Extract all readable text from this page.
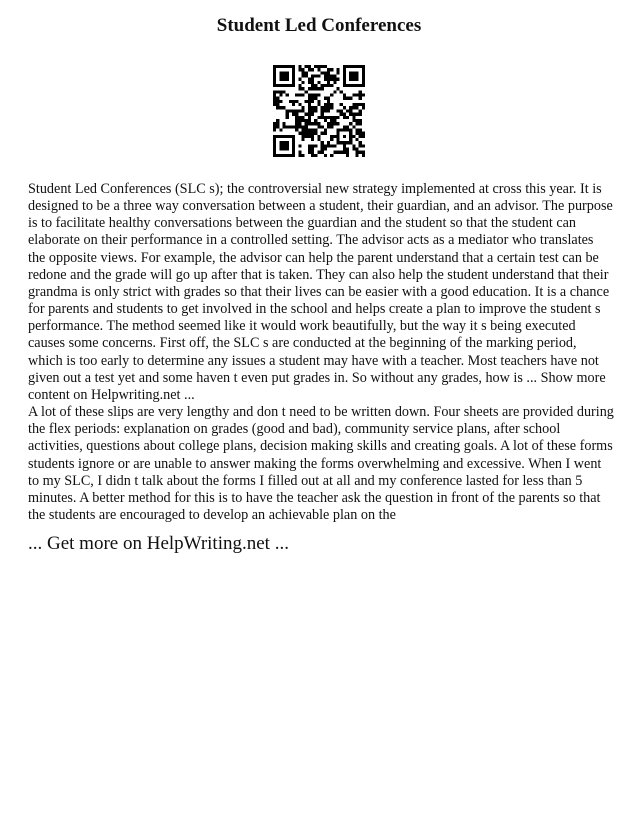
Student Led Conferences

Student Led Conferences (SLC s); the controversial new strategy implemented at cross this year. It is designed to be a three way conversation between a student, their guardian, and an advisor. The purpose is to facilitate healthy conversations between the guardian and the student so that the student can elaborate on their performance in a controlled setting. The advisor acts as a mediator who translates the opposite views. For example, the advisor can help the parent understand that a certain test can be redone and the grade will go up after that is taken. They can also help the student understand that their grandma is only strict with grades so that their lives can be easier with a good education. It is a chance for parents and students to get involved in the school and helps create a plan to improve the student s performance. The method seemed like it would work beautifully, but the way it s being executed causes some concerns. First off, the SLC s are conducted at the beginning of the marking period, which is too early to determine any issues a student may have with a teacher. Most teachers have not given out a test yet and some haven t even put grades in. So without any grades, how is ... Show more content on Helpwriting.net ...

A lot of these slips are very lengthy and don t need to be written down. Four sheets are provided during the flex periods: explanation on grades (good and bad), community service plans, after school activities, questions about college plans, decision making skills and creating goals. A lot of these forms students ignore or are unable to answer making the forms overwhelming and excessive. When I went to my SLC, I didn t talk about the forms I filled out at all and my conference lasted for less than 5 minutes. A better method for this is to have the teacher ask the question in front of the parents so that the students are encouraged to develop an achievable plan on the

... Get more on HelpWriting.net ...
